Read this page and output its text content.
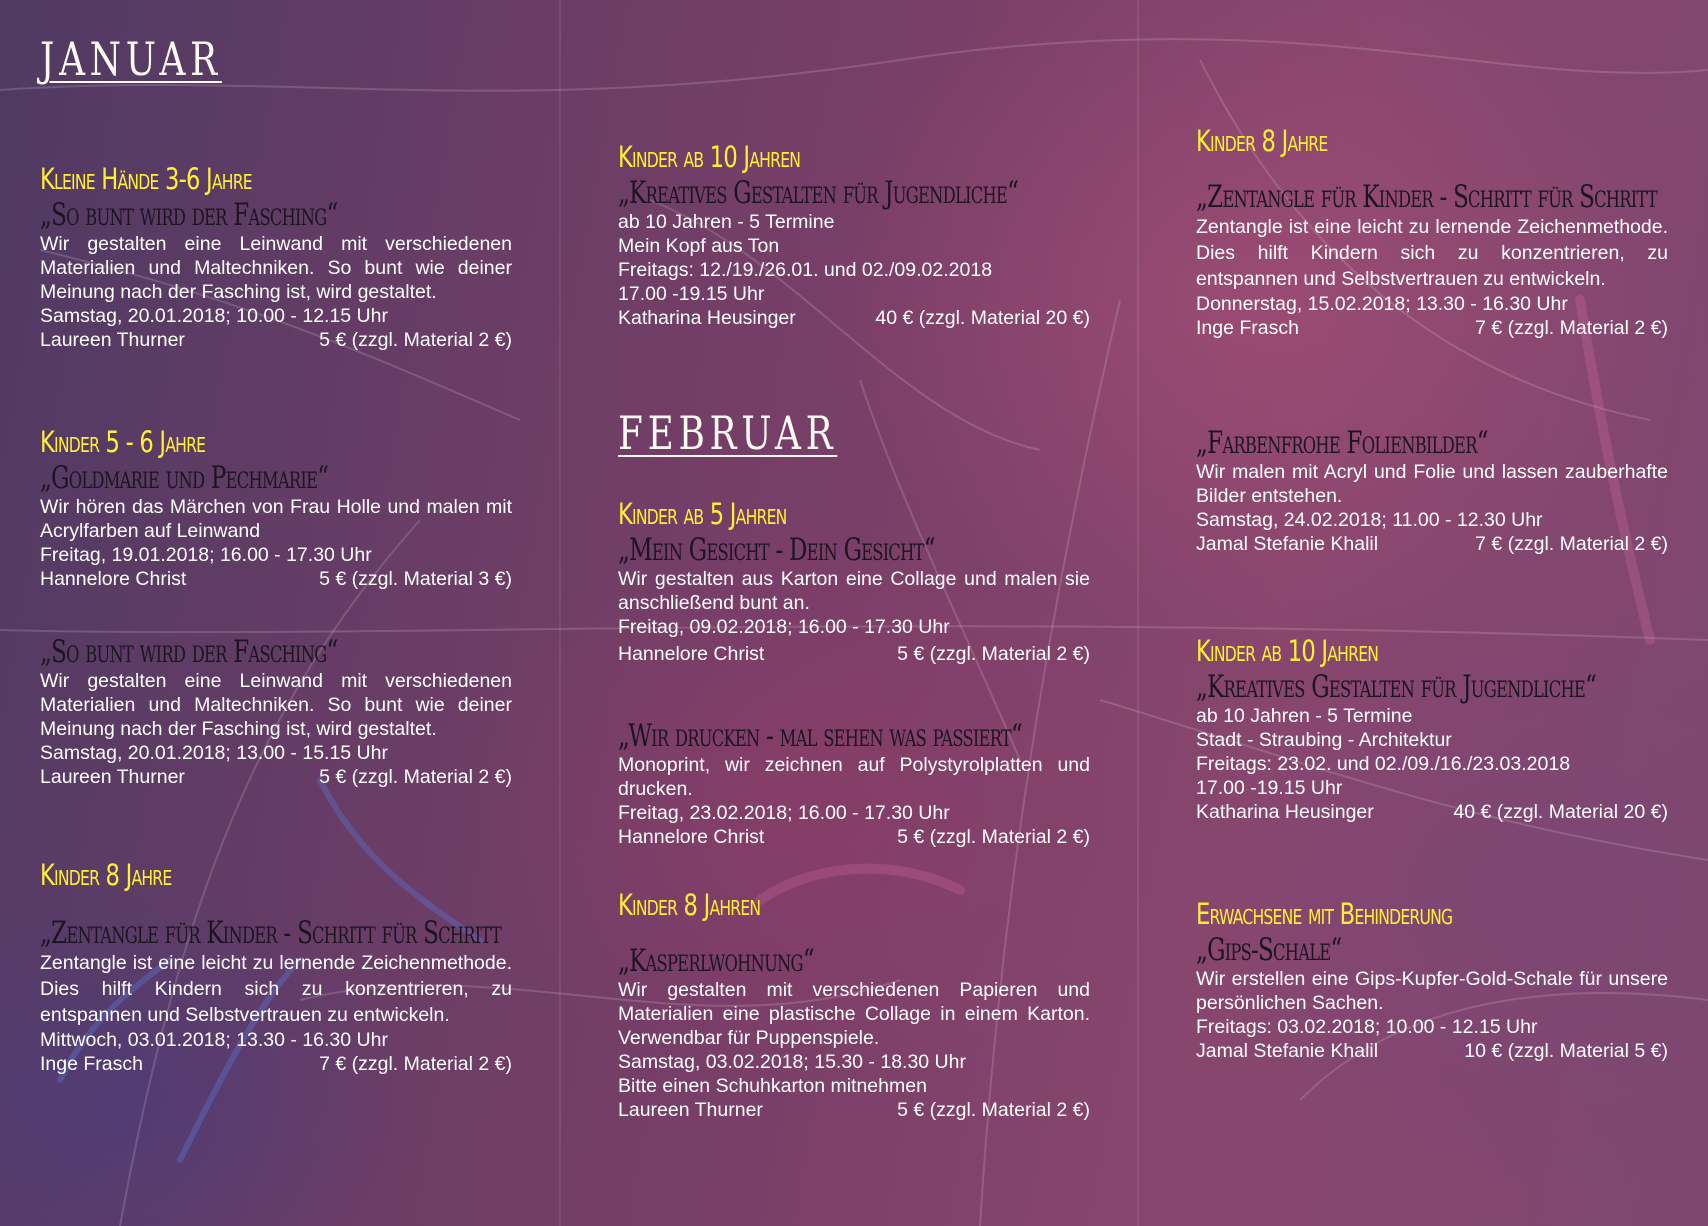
JANUAR
Kleine Hände 3-6 Jahre
„So bunt wird der Fasching“
Wir gestalten eine Leinwand mit verschiedenen Materialien und Maltechniken. So bunt wie deiner Meinung nach der Fasching ist, wird gestaltet.
Samstag, 20.01.2018; 10.00 - 12.15 Uhr
Laureen Thurner	5 € (zzgl. Material 2 €)
Kinder 5 - 6 Jahre
„Goldmarie und Pechmarie“
Wir hören das Märchen von Frau Holle und malen mit Acrylfarben auf Leinwand
Freitag, 19.01.2018; 16.00 - 17.30 Uhr
Hannelore Christ	5 € (zzgl. Material 3 €)
„So bunt wird der Fasching“
Wir gestalten eine Leinwand mit verschiedenen Materialien und Maltechniken. So bunt wie deiner Meinung nach der Fasching ist, wird gestaltet.
Samstag, 20.01.2018; 13.00 - 15.15 Uhr
Laureen Thurner	5 € (zzgl. Material 2 €)
Kinder 8 Jahre
„Zentangle für Kinder - Schritt für Schritt
Zentangle ist eine leicht zu lernende Zeichenmethode. Dies hilft Kindern sich zu konzentrieren, zu entspannen und Selbstvertrauen zu entwickeln.
Mittwoch, 03.01.2018; 13.30 - 16.30 Uhr
Inge Frasch	7 € (zzgl. Material 2 €)
Kinder ab 10 Jahren
„Kreatives Gestalten für Jugendliche“
ab 10 Jahren - 5 Termine
Mein Kopf aus Ton
Freitags: 12./19./26.01. und 02./09.02.2018
17.00 -19.15 Uhr
Katharina Heusinger	40 € (zzgl. Material 20 €)
FEBRUAR
Kinder ab 5 Jahren
„Mein Gesicht - Dein Gesicht“
Wir gestalten aus Karton eine Collage und malen sie anschließend bunt an.
Freitag, 09.02.2018; 16.00 - 17.30 Uhr
Hannelore Christ	5 € (zzgl. Material 2 €)
„Wir drucken - mal sehen was passiert“
Monoprint, wir zeichnen auf Polystyrolplatten und drucken.
Freitag, 23.02.2018; 16.00 - 17.30 Uhr
Hannelore Christ	5 € (zzgl. Material 2 €)
Kinder 8 Jahren
„Kasperlwohnung“
Wir gestalten mit verschiedenen Papieren und Materialien eine plastische Collage in einem Karton. Verwendbar für Puppenspiele.
Samstag, 03.02.2018; 15.30 - 18.30 Uhr
Bitte einen Schuhkarton mitnehmen
Laureen Thurner	5 € (zzgl. Material 2 €)
Kinder 8 Jahre
„Zentangle für Kinder - Schritt für Schritt
Zentangle ist eine leicht zu lernende Zeichenmethode. Dies hilft Kindern sich zu konzentrieren, zu entspannen und Selbstvertrauen zu entwickeln.
Donnerstag, 15.02.2018; 13.30 - 16.30 Uhr
Inge Frasch	7 € (zzgl. Material 2 €)
„Farbenfrohe Folienbilder“
Wir malen mit Acryl und Folie und lassen zauberhafte Bilder entstehen.
Samstag, 24.02.2018; 11.00 - 12.30 Uhr
Jamal Stefanie Khalil	7 € (zzgl. Material 2 €)
Kinder ab 10 Jahren
„Kreatives Gestalten für Jugendliche“
ab 10 Jahren - 5 Termine
Stadt - Straubing - Architektur
Freitags: 23.02. und 02./09./16./23.03.2018
17.00 -19.15 Uhr
Katharina Heusinger	40 € (zzgl. Material 20 €)
Erwachsene mit Behinderung
„Gips-Schale“
Wir erstellen eine Gips-Kupfer-Gold-Schale für unsere persönlichen Sachen.
Freitags: 03.02.2018; 10.00 - 12.15 Uhr
Jamal Stefanie Khalil	10 € (zzgl. Material 5 €)
